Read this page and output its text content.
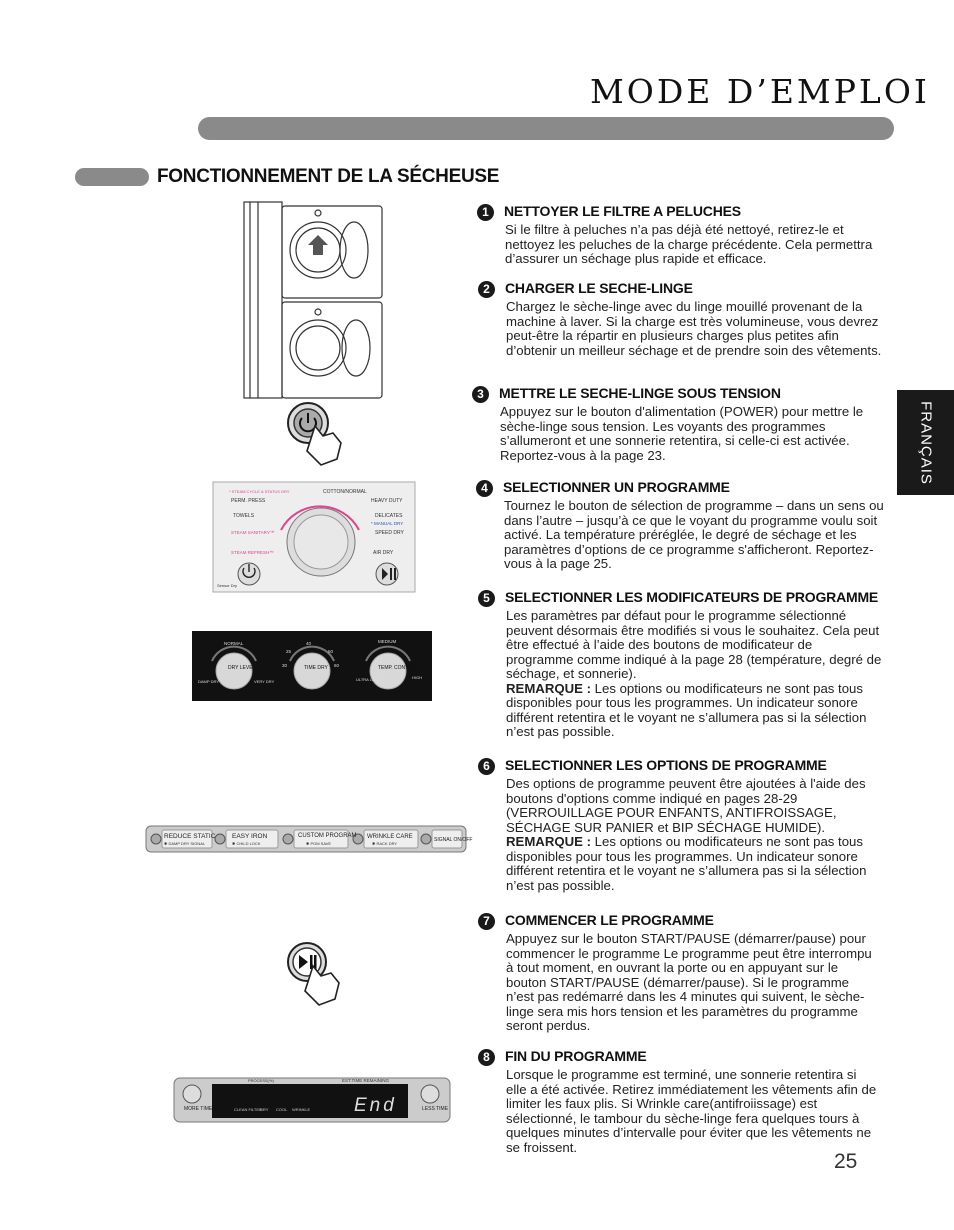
MODE D’EMPLOI
FONCTIONNEMENT DE LA SÉCHEUSE
FRANÇAIS
* STEAM CYCLE & STATUS DRY
PERM. PRESS
COTTON/NORMAL
HEAVY DUTY
TOWELS	DELICATES
* MANUAL DRY
STEAM SANITARY™	SPEED DRY
STEAM REFRESH™	AIR DRY
Sensor Dry
DRY LEVEL	TIME DRY	TEMP. CONTROL
NORMAL
DAMP DRY	VERY DRY
40
25	50
30	60
MEDIUM
ULTRA LOW	HIGH
REDUCE STATIC
✱ DAMP DRY SIGNAL
EASY IRON
✱ CHILD LOCK
CUSTOM PROGRAM
✱ PGM SAVE
WRINKLE CARE
✱ RACK DRY
SIGNAL ON/OFF
PROCESS(%)	EST.TIME REMAINING
MORE TIME	LESS TIME
CLEAN FILTER
DRY COOL WRINKLE End
1	NETTOYER LE FILTRE A PELUCHES

Si le filtre à peluches n’a pas déjà été nettoyé, retirez-le et nettoyez les peluches de la charge précédente. Cela permettra d’assurer un séchage plus rapide et efficace.

2	CHARGER LE SECHE-LINGE

Chargez le sèche-linge avec du linge mouillé provenant de la machine à laver. Si la charge est très volumineuse, vous devrez peut-être la répartir en plusieurs charges plus petites afin d’obtenir un meilleur séchage et de prendre soin des vêtements.

3	METTRE LE SECHE-LINGE SOUS TENSION

Appuyez sur le bouton d'alimentation (POWER) pour mettre le sèche-linge sous tension. Les voyants des programmes s’allumeront et une sonnerie retentira, si celle-ci est activée. Reportez-vous à la page 23.

4	SELECTIONNER UN PROGRAMME

Tournez le bouton de sélection de programme – dans un sens ou dans l’autre – jusqu’à ce que le voyant du programme voulu soit activé. La température préréglée, le degré de séchage et les paramètres d’options de ce programme s'afficheront. Reportez-vous à la page 25.

5	SELECTIONNER LES MODIFICATEURS DE PROGRAMME

Les paramètres par défaut pour le programme sélectionné peuvent désormais être modifiés si vous le souhaitez. Cela peut être effectué à l’aide des boutons de modificateur de programme comme indiqué à la page 28 (température, degré de séchage, et sonnerie).

REMARQUE : Les options ou modificateurs ne sont pas tous disponibles pour tous les programmes. Un indicateur sonore différent retentira et le voyant ne s’allumera pas si la sélection n’est pas possible.

6	SELECTIONNER LES OPTIONS DE PROGRAMME

Des options de programme peuvent être ajoutées à l'aide des boutons d'options comme indiqué en pages 28-29 (VERROUILLAGE POUR ENFANTS, ANTIFROISSAGE, SÉCHAGE SUR PANIER et BIP SÉCHAGE HUMIDE).

REMARQUE : Les options ou modificateurs ne sont pas tous disponibles pour tous les programmes. Un indicateur sonore différent retentira et le voyant ne s’allumera pas si la sélection n’est pas possible.

7	COMMENCER LE PROGRAMME

Appuyez sur le bouton START/PAUSE (démarrer/pause) pour commencer le programme Le programme peut être interrompu à tout moment, en ouvrant la porte ou en appuyant sur le bouton START/PAUSE (démarrer/pause). Si le programme n’est pas redémarré dans les 4 minutes qui suivent, le sèche-linge sera mis hors tension et les paramètres du programme seront perdus.

8	FIN DU PROGRAMME

Lorsque le programme est terminé, une sonnerie retentira si elle a été activée. Retirez immédiatement les vêtements afin de limiter les faux plis. Si Wrinkle care(antifroiissage) est sélectionné, le tambour du sèche-linge fera quelques tours à quelques minutes d’intervalle pour éviter que les vêtements ne se froissent.

25
